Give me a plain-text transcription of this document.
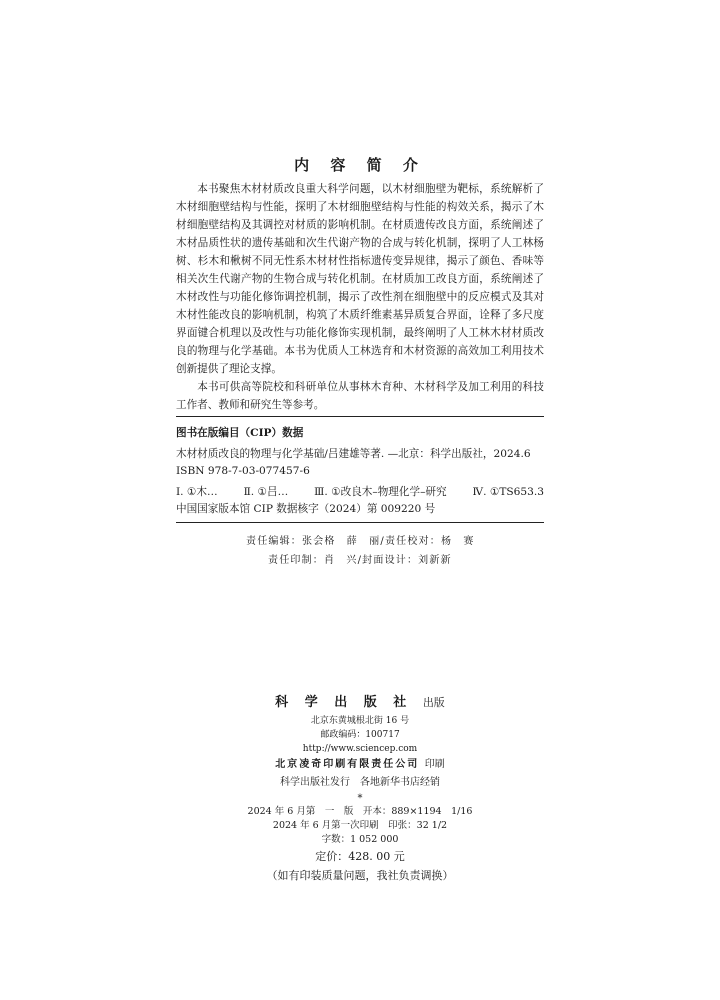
内 容 简 介

本书聚焦木材材质改良重大科学问题，以木材细胞壁为靶标，系统解析了木材细胞壁结构与性能，探明了木材细胞壁结构与性能的构效关系，揭示了木材细胞壁结构及其调控对材质的影响机制。在材质遗传改良方面，系统阐述了木材品质性状的遗传基础和次生代谢产物的合成与转化机制，探明了人工林杨树、杉木和楸树不同无性系木材材性指标遗传变异规律，揭示了颜色、香味等相关次生代谢产物的生物合成与转化机制。在材质加工改良方面，系统阐述了木材改性与功能化修饰调控机制，揭示了改性剂在细胞壁中的反应模式及其对木材性能改良的影响机制，构筑了木质纤维素基异质复合界面，诠释了多尺度界面键合机理以及改性与功能化修饰实现机制，最终阐明了人工林木材材质改良的物理与化学基础。本书为优质人工林选育和木材资源的高效加工利用技术创新提供了理论支撑。

本书可供高等院校和科研单位从事林木育种、木材科学及加工利用的科技工作者、教师和研究生等参考。

图书在版编目（CIP）数据
木材材质改良的物理与化学基础/吕建雄等著. —北京：科学出版社，2024.6
ISBN 978-7-03-077457-6
Ⅰ. ①木… Ⅱ. ①吕… Ⅲ. ①改良木–物理化学–研究 Ⅳ. ①TS653.3
中国国家版本馆 CIP 数据核字（2024）第 009220 号
责任编辑：张会格　薛　丽/责任校对：杨　赛
责任印制：肖　兴/封面设计：刘新新
科 学 出 版 社 出版
北京东黄城根北街 16 号
邮政编码：100717
http://www.sciencep.com
北京凌奇印刷有限责任公司 印刷
科学出版社发行　各地新华书店经销
*
2024 年 6 月第　一　版　开本：889×1194　1/16
2024 年 6 月第一次印刷　印张：32 1/2
字数：1 052 000
定价：428. 00 元
（如有印装质量问题，我社负责调换）
